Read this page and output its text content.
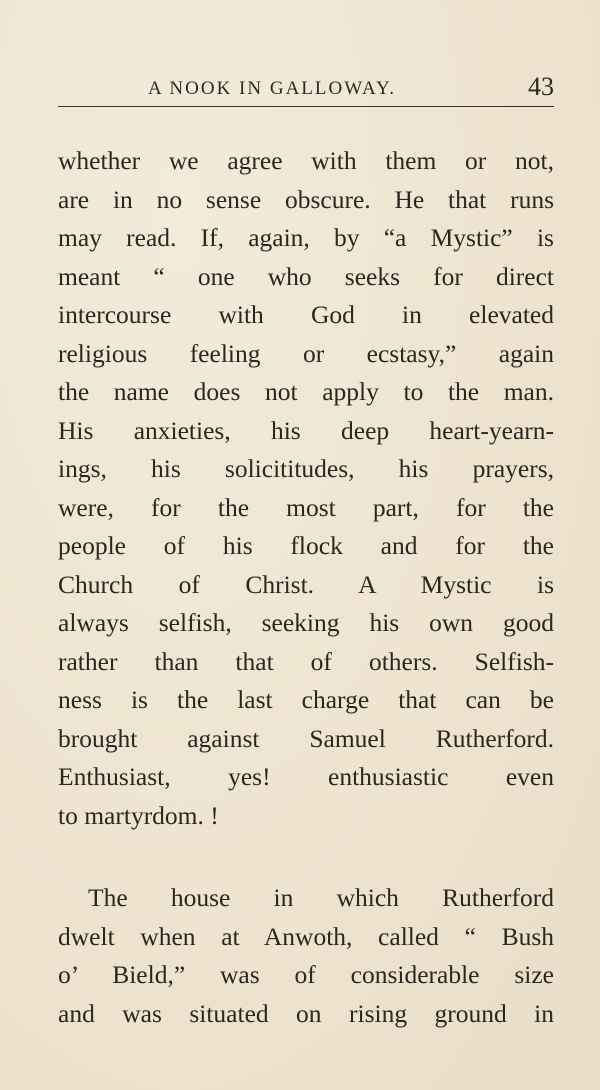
A NOOK IN GALLOWAY.	43
whether we agree with them or not,
are in no sense obscure. He that runs
may read. If, again, by “a Mystic” is
meant “ one who seeks for direct
intercourse with God in elevated
religious feeling or ecstasy,” again
the name does not apply to the man.
His anxieties, his deep heart-yearn-
ings, his solicititudes, his prayers,
were, for the most part, for the
people of his flock and for the
Church of Christ. A Mystic is
always selfish, seeking his own good
rather than that of others. Selfish-
ness is the last charge that can be
brought against Samuel Rutherford.
Enthusiast, yes! enthusiastic even
to martyrdom. !
The house in which Rutherford
dwelt when at Anwoth, called “ Bush
o’ Bield,” was of considerable size
and was situated on rising ground in
